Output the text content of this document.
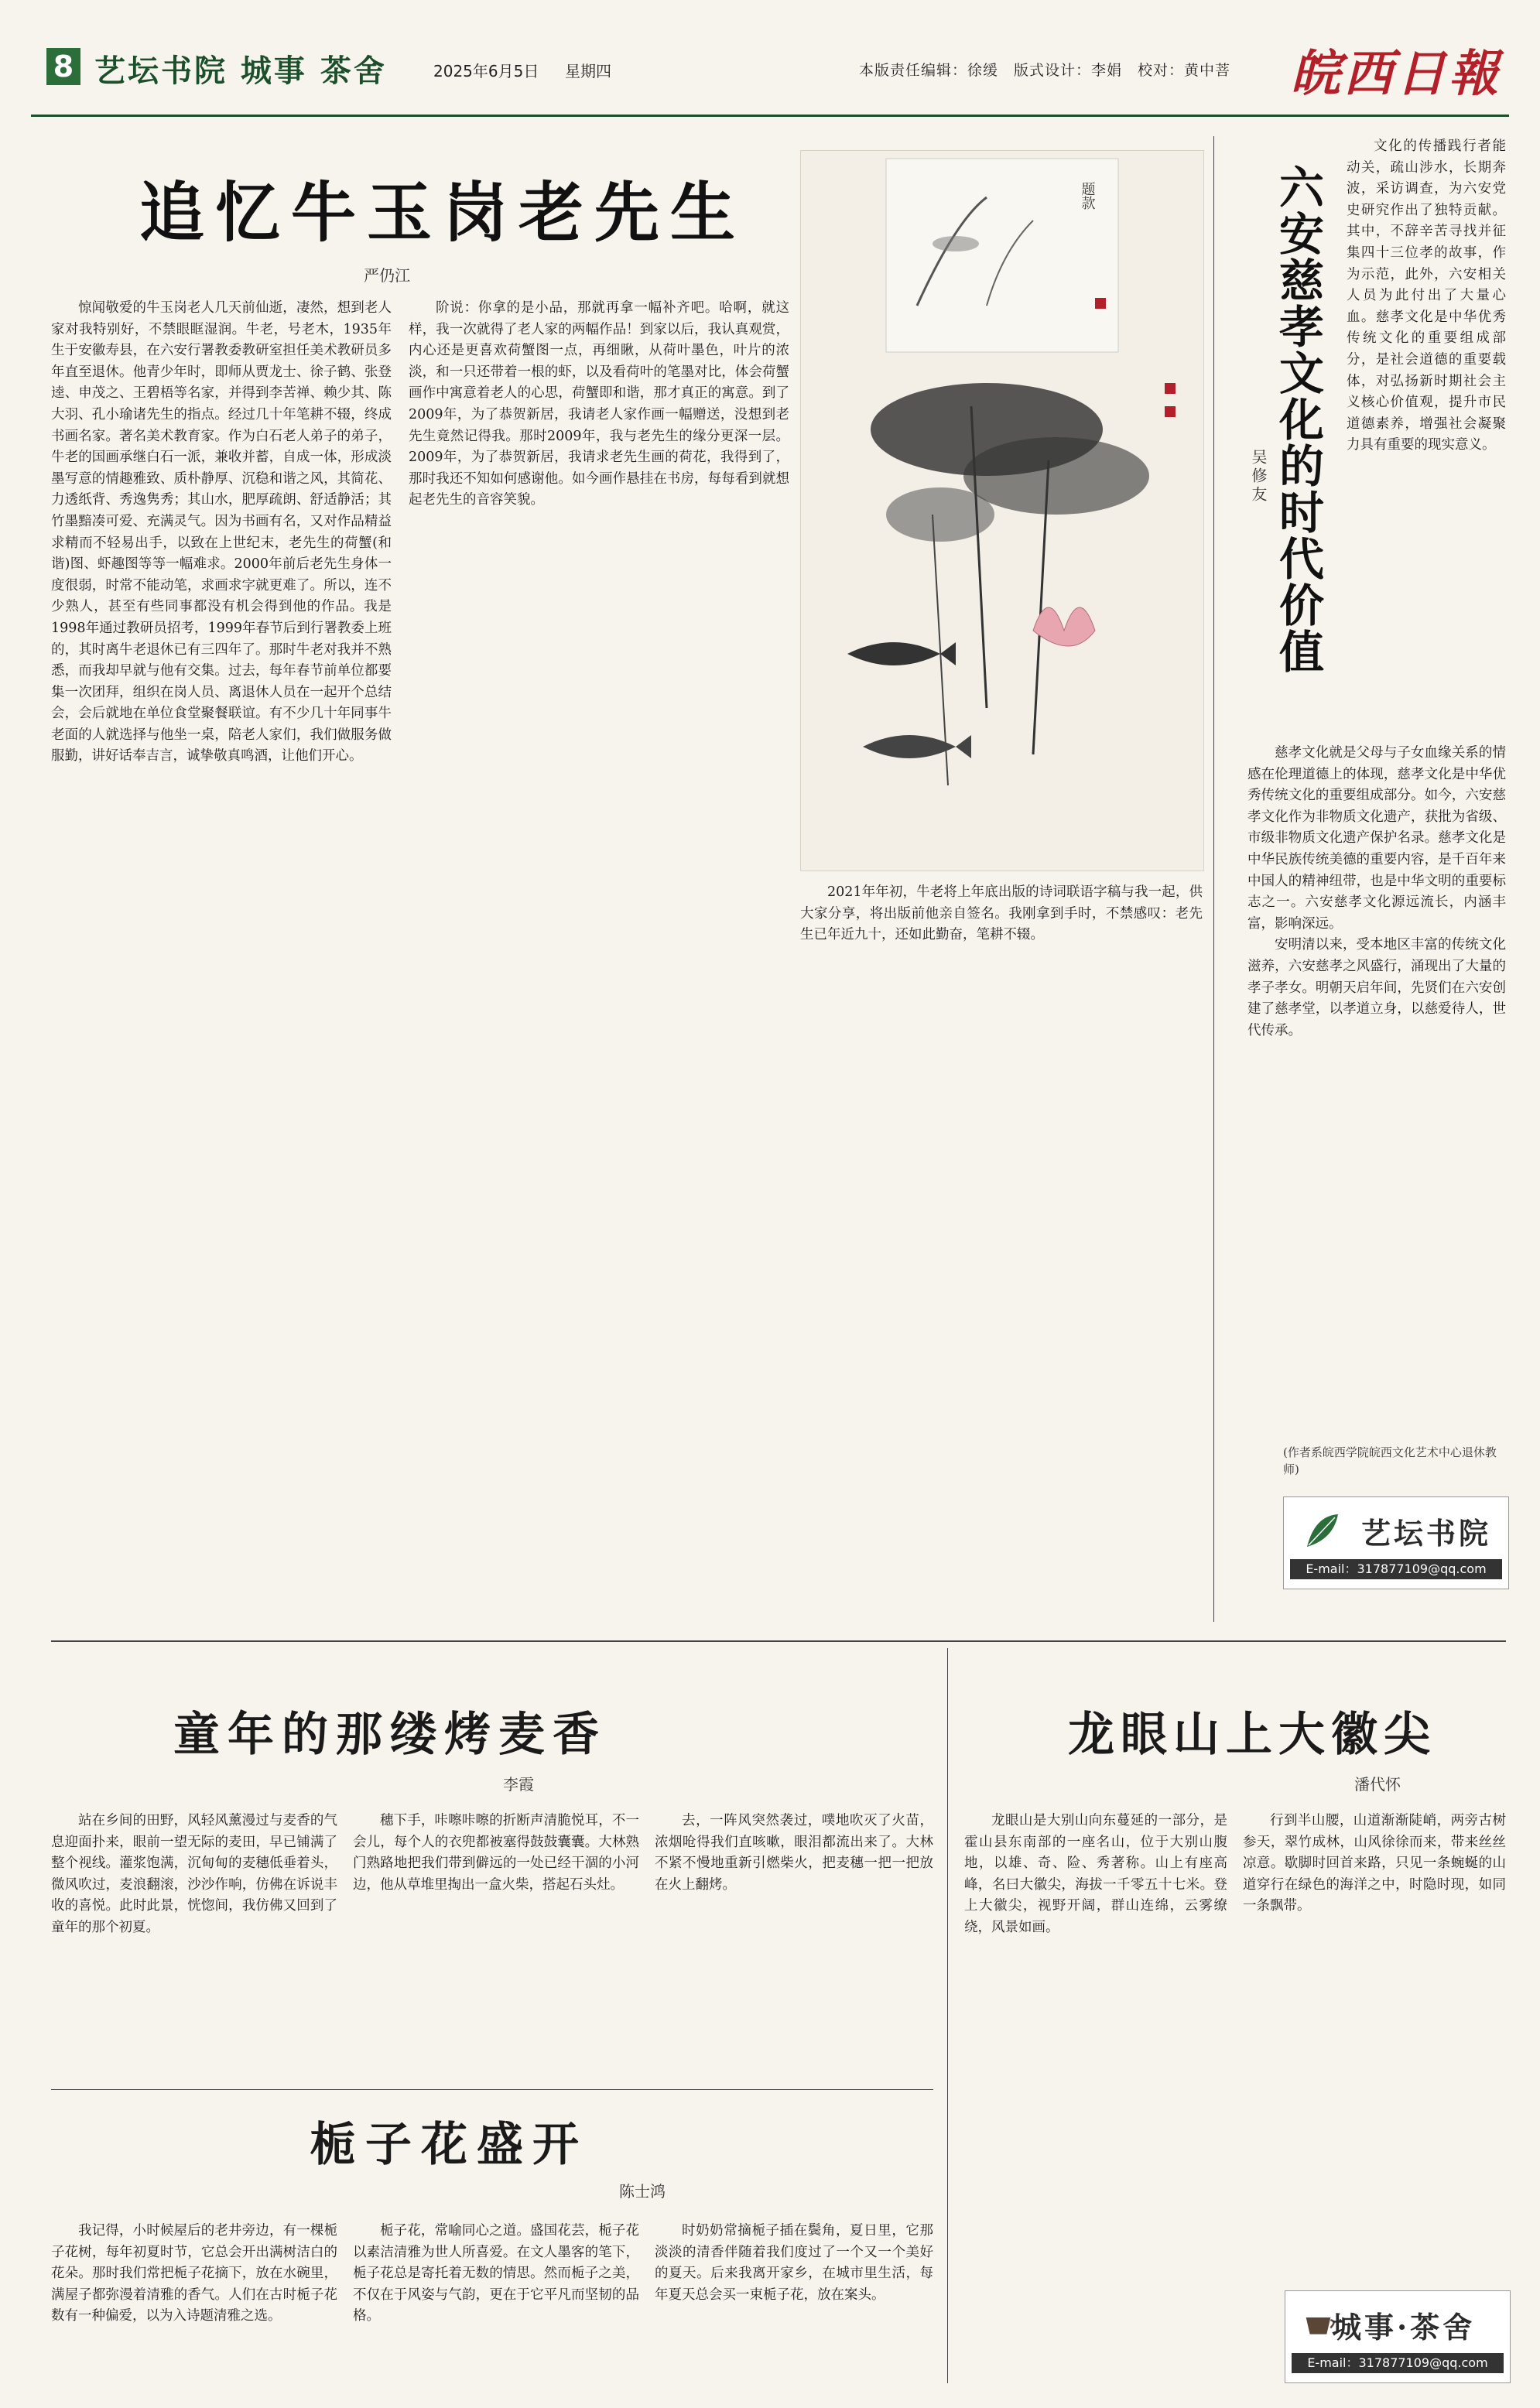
8 艺坛书院 城事 茶舍	2025年6月5日 星期四	本版责任编辑：徐缓　版式设计：李娟　校对：黄中菩 皖西日報
追忆牛玉岗老先生
严仍江

惊闻敬爱的牛玉岗老人几天前仙逝，凄然，想到老人家对我特别好，不禁眼眶湿润。牛老，号老木，1935年生于安徽寿县，在六安行署教委教研室担任美术教研员多年直至退休。他青少年时，即师从贾龙士、徐子鹤、张登逵、申茂之、王碧梧等名家，并得到李苦禅、赖少其、陈大羽、孔小瑜诸先生的指点。经过几十年笔耕不辍，终成书画名家。著名美术教育家。作为白石老人弟子的弟子，牛老的国画承继白石一派，兼收并蓄，自成一体，形成淡墨写意的情趣雅致、质朴静厚、沉稳和谐之风，其简花、力透纸背、秀逸隽秀；其山水，肥厚疏朗、舒适静活；其竹墨黯凑可爱、充满灵气。因为书画有名，又对作品精益求精而不轻易出手，以致在上世纪末，老先生的荷蟹(和谐)图、虾趣图等等一幅难求。2000年前后老先生身体一度很弱，时常不能动笔，求画求字就更难了。所以，连不少熟人，甚至有些同事都没有机会得到他的作品。我是1998年通过教研员招考，1999年春节后到行署教委上班的，其时离牛老退休已有三四年了。那时牛老对我并不熟悉，而我却早就与他有交集。过去，每年春节前单位都要集一次团拜，组织在岗人员、离退休人员在一起开个总结会，会后就地在单位食堂聚餐联谊。有不少几十年同事牛老面的人就选择与他坐一桌，陪老人家们，我们做服务做服勤，讲好话奉吉言，诚挚敬真鸣酒，让他们开心。

阶说：你拿的是小品，那就再拿一幅补齐吧。哈啊，就这样，我一次就得了老人家的两幅作品！到家以后，我认真观赏，内心还是更喜欢荷蟹图一点，再细瞅，从荷叶墨色，叶片的浓淡，和一只还带着一根的虾，以及看荷叶的笔墨对比，体会荷蟹画作中寓意着老人的心思，荷蟹即和谐，那才真正的寓意。到了2009年，为了恭贺新居，我请老人家作画一幅赠送，没想到老先生竟然记得我。那时2009年，我与老先生的缘分更深一层。2009年，为了恭贺新居，我请求老先生画的荷花，我得到了，那时我还不知如何感谢他。如今画作悬挂在书房，每每看到就想起老先生的音容笑貌。

2021年年初，牛老将上年底出版的诗词联语字稿与我一起，供大家分享，将出版前他亲自签名。我刚拿到手时，不禁感叹：老先生已年近九十，还如此勤奋，笔耕不辍。

题款	六安慈孝文化的时代价值
吴修友

文化的传播践行者能动关，疏山涉水，长期奔波，采访调查，为六安党史研究作出了独特贡献。其中，不辞辛苦寻找并征集四十三位孝的故事，作为示范，此外，六安相关人员为此付出了大量心血。慈孝文化是中华优秀传统文化的重要组成部分，是社会道德的重要载体，对弘扬新时期社会主义核心价值观，提升市民道德素养，增强社会凝聚力具有重要的现实意义。

慈孝文化就是父母与子女血缘关系的情感在伦理道德上的体现，慈孝文化是中华优秀传统文化的重要组成部分。如今，六安慈孝文化作为非物质文化遗产，获批为省级、市级非物质文化遗产保护名录。慈孝文化是中华民族传统美德的重要内容，是千百年来中国人的精神纽带，也是中华文明的重要标志之一。六安慈孝文化源远流长，内涵丰富，影响深远。

安明清以来，受本地区丰富的传统文化滋养，六安慈孝之风盛行，涌现出了大量的孝子孝女。明朝天启年间，先贤们在六安创建了慈孝堂，以孝道立身，以慈爱待人，世代传承。

(作者系皖西学院皖西文化艺术中心退休教师)
艺坛书院
E-mail：317877109@qq.com
童年的那缕烤麦香
李霞

站在乡间的田野，风轻风薰漫过与麦香的气息迎面扑来，眼前一望无际的麦田，早已铺满了整个视线。灌浆饱满，沉甸甸的麦穗低垂着头，微风吹过，麦浪翻滚，沙沙作响，仿佛在诉说丰收的喜悦。此时此景，恍惚间，我仿佛又回到了童年的那个初夏。

穗下手，咔嚓咔嚓的折断声清脆悦耳，不一会儿，每个人的衣兜都被塞得鼓鼓囊囊。大林熟门熟路地把我们带到僻远的一处已经干涸的小河边，他从草堆里掏出一盒火柴，搭起石头灶。

去，一阵风突然袭过，噗地吹灭了火苗，浓烟呛得我们直咳嗽，眼泪都流出来了。大林不紧不慢地重新引燃柴火，把麦穗一把一把放在火上翻烤。

栀子花盛开
陈士鸿

我记得，小时候屋后的老井旁边，有一棵栀子花树，每年初夏时节，它总会开出满树洁白的花朵。那时我们常把栀子花摘下，放在水碗里，满屋子都弥漫着清雅的香气。人们在古时栀子花数有一种偏爱，以为入诗题清雅之选。

栀子花，常喻同心之道。盛国花芸，栀子花以素洁清雅为世人所喜爱。在文人墨客的笔下，栀子花总是寄托着无数的情思。然而栀子之美，不仅在于风姿与气韵，更在于它平凡而坚韧的品格。

时奶奶常摘栀子插在鬓角，夏日里，它那淡淡的清香伴随着我们度过了一个又一个美好的夏天。后来我离开家乡，在城市里生活，每年夏天总会买一束栀子花，放在案头。

龙眼山上大徽尖
潘代怀

龙眼山是大别山向东蔓延的一部分，是霍山县东南部的一座名山，位于大别山腹地，以雄、奇、险、秀著称。山上有座高峰，名曰大徽尖，海拔一千零五十七米。登上大徽尖，视野开阔，群山连绵，云雾缭绕，风景如画。

行到半山腰，山道渐渐陡峭，两旁古树参天，翠竹成林，山风徐徐而来，带来丝丝凉意。歇脚时回首来路，只见一条蜿蜒的山道穿行在绿色的海洋之中，时隐时现，如同一条飘带。

城事·茶舍
E-mail：317877109@qq.com
